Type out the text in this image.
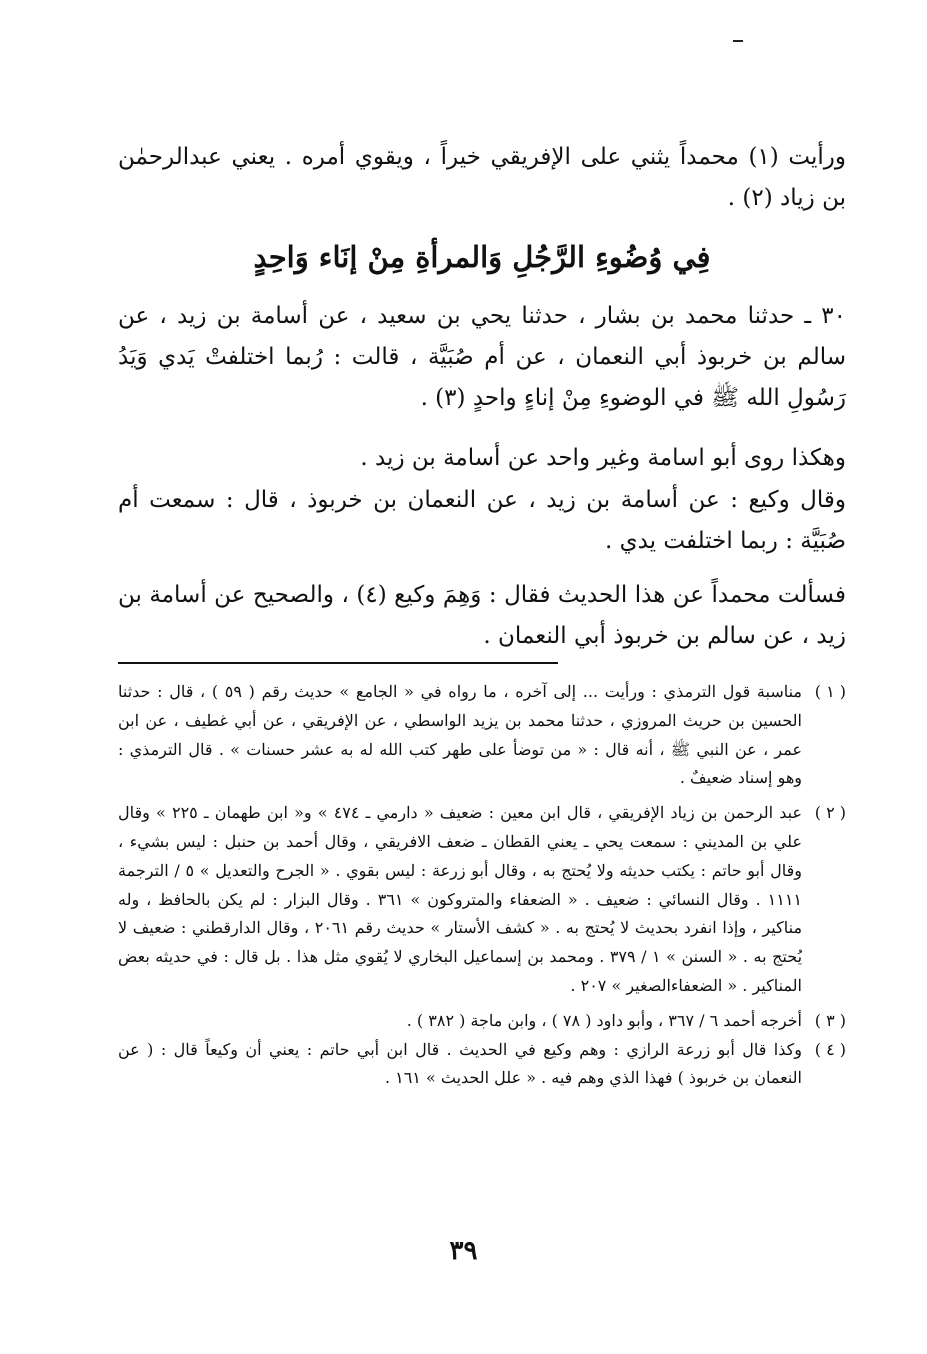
ورأيت (١) محمداً يثني على الإفريقي خيراً ، ويقوي أمره . يعني عبدالرحمٰن بن زياد (٢) .

فِي وُضُوءِ الرَّجُلِ وَالمرأةِ مِنْ إنَاء وَاحِدٍ

٣٠ ـ حدثنا محمد بن بشار ، حدثنا يحي بن سعيد ، عن أسامة بن زيد ، عن سالم بن خربوذ أبي النعمان ، عن أم صُبَيَّة ، قالت : رُبما اختلفتْ يَدي وَيَدُ رَسُولِ الله ﷺ في الوضوءِ مِنْ إناءٍ واحدٍ (٣) .

وهكذا روى أبو اسامة وغير واحد عن أسامة بن زيد .

وقال وكيع : عن أسامة بن زيد ، عن النعمان بن خربوذ ، قال : سمعت أم صُبَيَّة : ربما اختلفت يدي .

فسألت محمداً عن هذا الحديث فقال : وَهِمَ وكيع (٤) ، والصحيح عن أسامة بن زيد ، عن سالم بن خربوذ أبي النعمان .

( ١ )
مناسبة قول الترمذي : ورأيت ... إلى آخره ، ما رواه في « الجامع » حديث رقم ( ٥٩ ) ، قال : حدثنا الحسين بن حريث المروزي ، حدثنا محمد بن يزيد الواسطي ، عن الإفريقي ، عن أبي غطيف ، عن ابن عمر ، عن النبي ﷺ ، أنه قال : « من توضأ على طهر كتب الله له به عشر حسنات » . قال الترمذي : وهو إسناد ضعيفٌ .
( ٢ )
عبد الرحمن بن زياد الإفريقي ، قال ابن معين : ضعيف « دارمي ـ ٤٧٤ » و« ابن طهمان ـ ٢٢٥ » وقال علي بن المديني : سمعت يحي ـ يعني القطان ـ ضعف الافريقي ، وقال أحمد بن حنبل : ليس بشيء ، وقال أبو حاتم : يكتب حديثه ولا يُحتج به ، وقال أبو زرعة : ليس بقوي . « الجرح والتعديل » ٥ / الترجمة ١١١١ . وقال النسائي : ضعيف . « الضعفاء والمتروكون » ٣٦١ . وقال البزار : لم يكن بالحافظ ، وله مناكير ، وإذا انفرد بحديث لا يُحتج به . « كشف الأستار » حديث رقم ٢٠٦١ ، وقال الدارقطني : ضعيف لا يُحتج به . « السنن » ١ / ٣٧٩ . ومحمد بن إسماعيل البخاري لا يُقوي مثل هذا . بل قال : في حديثه بعض المناكير . « الضعفاءالصغير » ٢٠٧ .
( ٣ )
أخرجه أحمد ٦ / ٣٦٧ ، وأبو داود ( ٧٨ ) ، وابن ماجة ( ٣٨٢ ) .
( ٤ )
وكذا قال أبو زرعة الرازي : وهم وكيع في الحديث . قال ابن أبي حاتم : يعني أن وكيعاً قال : ( عن النعمان بن خربوذ ) فهذا الذي وهم فيه . « علل الحديث » ١٦١ .
٣٩
